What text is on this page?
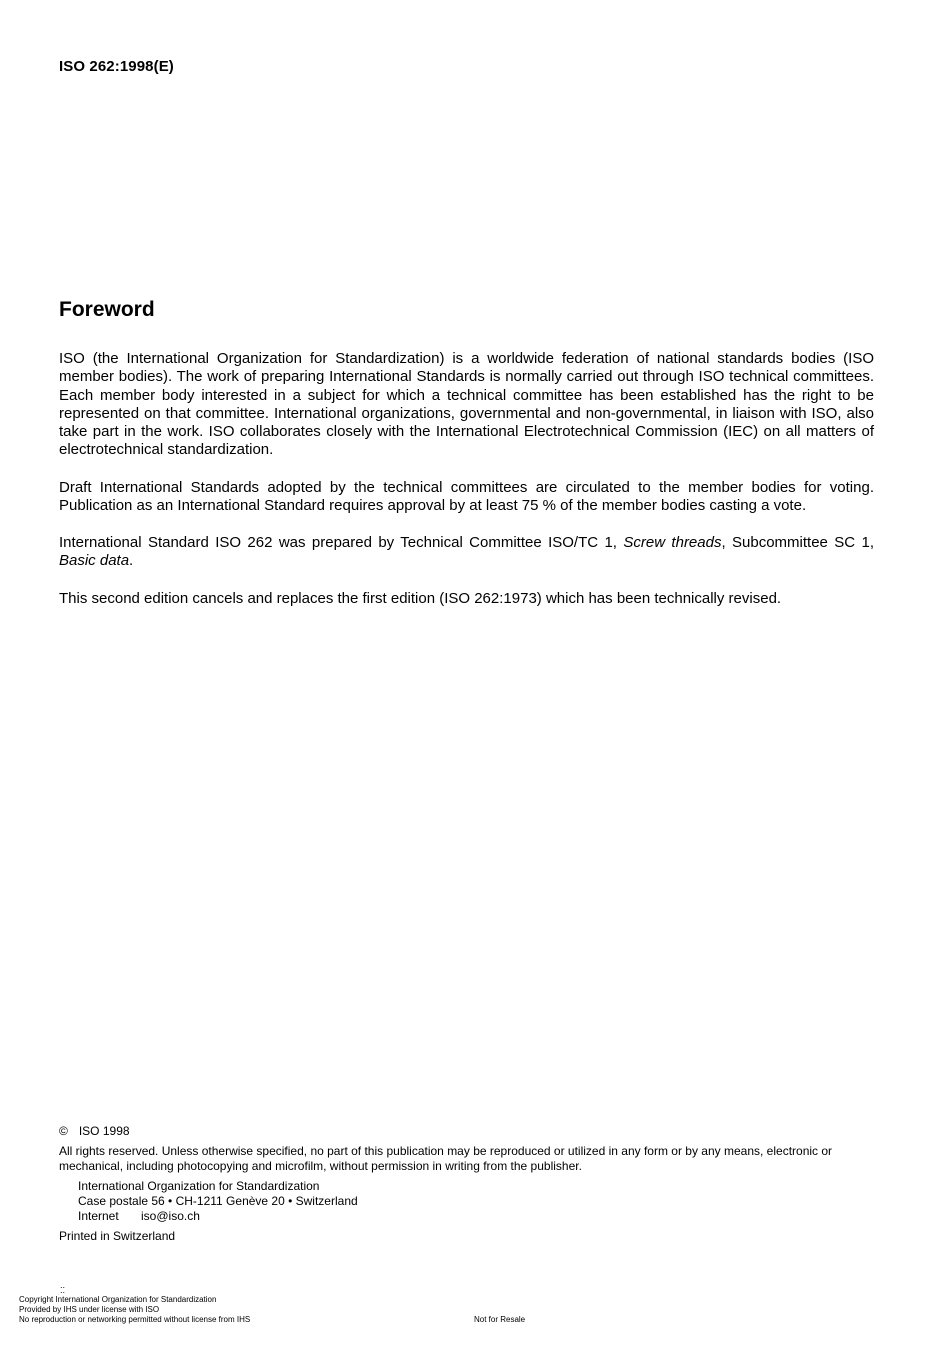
ISO 262:1998(E)
Foreword

ISO (the International Organization for Standardization) is a worldwide federation of national standards bodies (ISO member bodies). The work of preparing International Standards is normally carried out through ISO technical committees. Each member body interested in a subject for which a technical committee has been established has the right to be represented on that committee. International organizations, governmental and non-governmental, in liaison with ISO, also take part in the work. ISO collaborates closely with the International Electrotechnical Commission (IEC) on all matters of electrotechnical standardization.

Draft International Standards adopted by the technical committees are circulated to the member bodies for voting. Publication as an International Standard requires approval by at least 75 % of the member bodies casting a vote.

International Standard ISO 262 was prepared by Technical Committee ISO/TC 1, Screw threads, Subcommittee SC 1, Basic data.

This second edition cancels and replaces the first edition (ISO 262:1973) which has been technically revised.

© ISO 1998
All rights reserved. Unless otherwise specified, no part of this publication may be reproduced or utilized in any form or by any means, electronic or mechanical, including photocopying and microfilm, without permission in writing from the publisher.
International Organization for Standardization
Case postale 56 • CH-1211 Genève 20 • Switzerland
Internet iso@iso.ch
Printed in Switzerland
⁚⁚
Copyright International Organization for Standardization
Provided by IHS under license with ISO
No reproduction or networking permitted without license from IHS	Not for Resale
